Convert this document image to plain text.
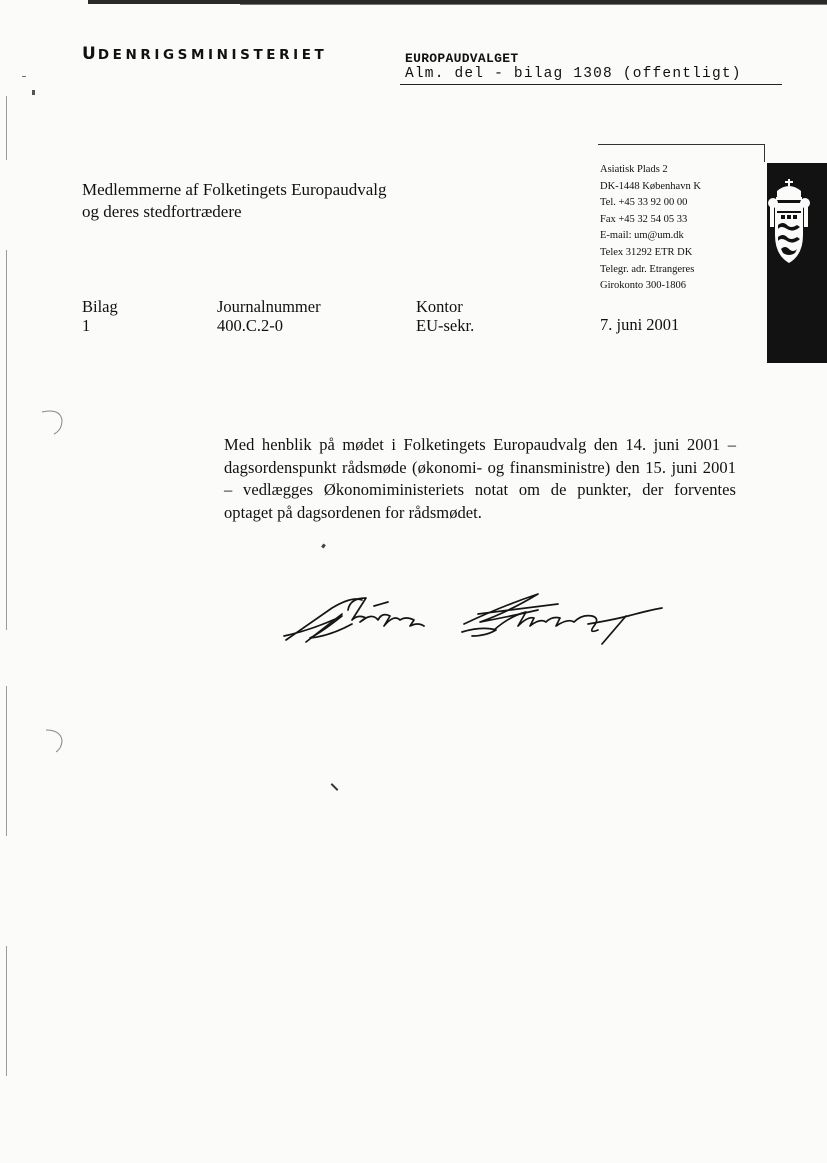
UDENRIGSMINISTERIET	EUROPAUDVALGET
Alm. del - bilag 1308 (offentligt)
Asiatisk Plads 2
DK-1448 København K
Tel. +45 33 92 00 00
Fax +45 32 54 05 33
E-mail: um@um.dk
Telex 31292 ETR DK
Telegr. adr. Etrangeres
Girokonto 300-1806
Medlemmerne af Folketingets Europaudvalg
og deres stedfortrædere
Bilag
1
Journalnummer
400.C.2-0
Kontor
EU-sekr.	7. juni 2001
Med henblik på mødet i Folketingets Europaudvalg den 14. juni 2001 – dagsordenspunkt rådsmøde (økonomi- og finansministre) den 15. juni 2001 – vedlægges Økonomiministeriets notat om de punkter, der forventes optaget på dagsordenen for rådsmødet.
